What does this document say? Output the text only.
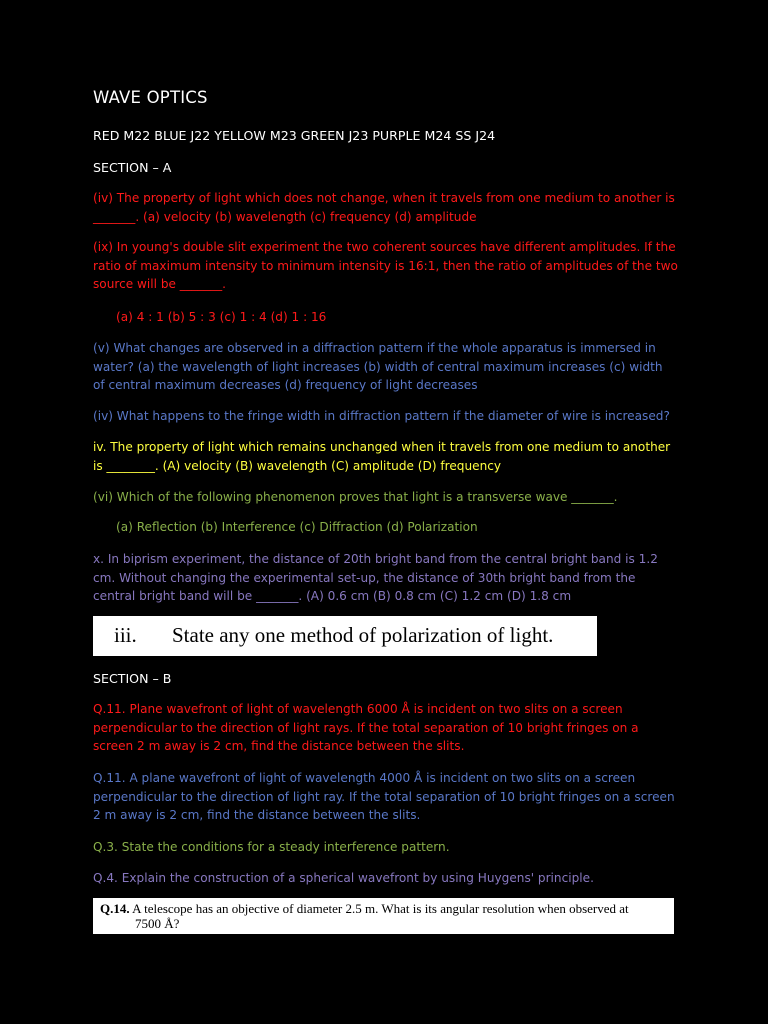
WAVE OPTICS

RED M22 BLUE J22 YELLOW M23 GREEN J23 PURPLE M24 SS J24

SECTION – A

(iv) The property of light which does not change, when it travels from one medium to another is _______. (a) velocity (b) wavelength (c) frequency (d) amplitude

(ix) In young's double slit experiment the two coherent sources have different amplitudes. If the ratio of maximum intensity to minimum intensity is 16:1, then the ratio of amplitudes of the two source will be _______.

(a) 4 : 1 (b) 5 : 3 (c) 1 : 4 (d) 1 : 16

(v) What changes are observed in a diffraction pattern if the whole apparatus is immersed in water? (a) the wavelength of light increases (b) width of central maximum increases (c) width of central maximum decreases (d) frequency of light decreases

(iv) What happens to the fringe width in diffraction pattern if the diameter of wire is increased?

iv. The property of light which remains unchanged when it travels from one medium to another is ________. (A) velocity (B) wavelength (C) amplitude (D) frequency

(vi) Which of the following phenomenon proves that light is a transverse wave _______.

(a) Reflection (b) Interference (c) Diffraction (d) Polarization

x. In biprism experiment, the distance of 20th bright band from the central bright band is 1.2 cm. Without changing the experimental set-up, the distance of 30th bright band from the central bright band will be _______. (A) 0.6 cm (B) 0.8 cm (C) 1.2 cm (D) 1.8 cm

iii. State any one method of polarization of light.

SECTION – B

Q.11. Plane wavefront of light of wavelength 6000 Å is incident on two slits on a screen perpendicular to the direction of light rays. If the total separation of 10 bright fringes on a screen 2 m away is 2 cm, find the distance between the slits.

Q.11. A plane wavefront of light of wavelength 4000 Å is incident on two slits on a screen perpendicular to the direction of light ray. If the total separation of 10 bright fringes on a screen 2 m away is 2 cm, find the distance between the slits.

Q.3. State the conditions for a steady interference pattern.

Q.4. Explain the construction of a spherical wavefront by using Huygens' principle.

Q.14. A telescope has an objective of diameter 2.5 m. What is its angular resolution when observed at
7500 Å?
